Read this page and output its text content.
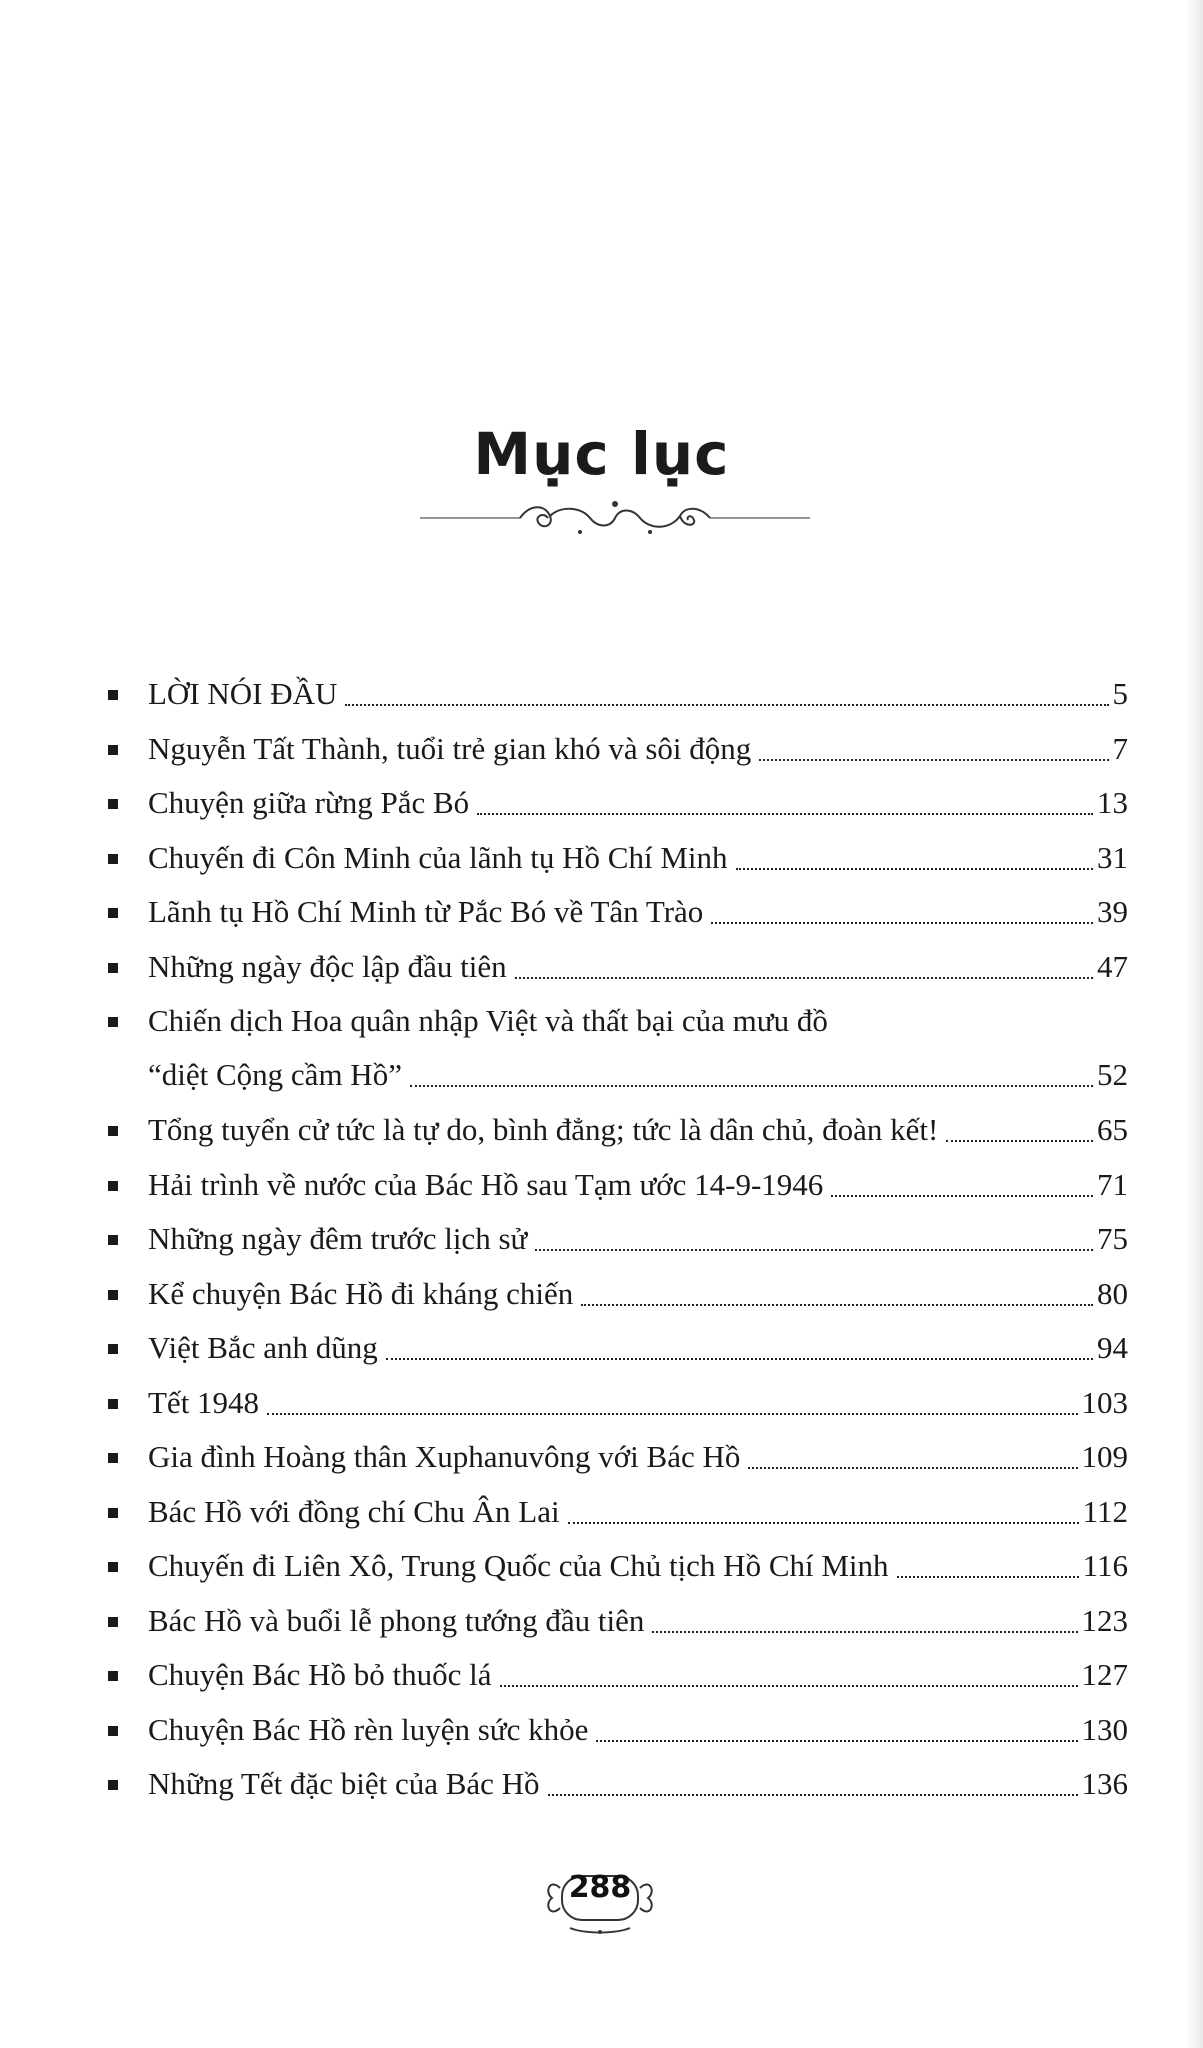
Mục lục
LỜI NÓI ĐẦU	5
Nguyễn Tất Thành, tuổi trẻ gian khó và sôi động	7
Chuyện giữa rừng Pắc Bó	13
Chuyến đi Côn Minh của lãnh tụ Hồ Chí Minh	31
Lãnh tụ Hồ Chí Minh từ Pắc Bó về Tân Trào	39
Những ngày độc lập đầu tiên	47
Chiến dịch Hoa quân nhập Việt và thất bại của mưu đồ
“diệt Cộng cầm Hồ”	52
Tổng tuyển cử tức là tự do, bình đẳng; tức là dân chủ, đoàn kết!	65
Hải trình về nước của Bác Hồ sau Tạm ước 14-9-1946	71
Những ngày đêm trước lịch sử	75
Kể chuyện Bác Hồ đi kháng chiến	80
Việt Bắc anh dũng	94
Tết 1948	103
Gia đình Hoàng thân Xuphanuvông với Bác Hồ	109
Bác Hồ với đồng chí Chu Ân Lai	112
Chuyến đi Liên Xô, Trung Quốc của Chủ tịch Hồ Chí Minh	116
Bác Hồ và buổi lễ phong tướng đầu tiên	123
Chuyện Bác Hồ bỏ thuốc lá	127
Chuyện Bác Hồ rèn luyện sức khỏe	130
Những Tết đặc biệt của Bác Hồ	136
288
